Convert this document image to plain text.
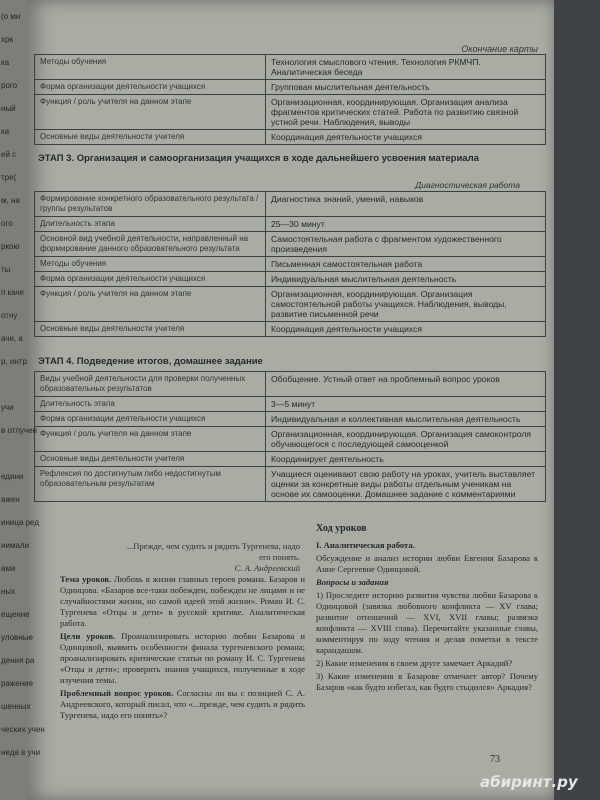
(о ми
хрк
ка
рого
ный
ка
ей с
тре(
м, на
ого
ркою
ты
п каче
отну
ачи, а
р, интр
учи
в отлучен
едини
ажен
иница ред
иимали
ами
ных
ещение
уловные
дения ра
ражение
шенных
ческих учен
неда в учи
Окончание карты
Методы обучения	Технология смыслового чтения. Технология РКМЧП. Аналитическая беседа
Форма организации деятельности учащихся	Групповая мыслительная деятельность
Функция / роль учителя на данном этапе	Организационная, координирующая. Организация анализа фрагментов критических статей. Работа по развитию связной устной речи. Наблюдения, выводы
Основные виды деятельности учителя	Координация деятельности учащихся
ЭТАП 3. Организация и самоорганизация учащихся в ходе дальнейшего усвоения материала
Диагностическая работа
Формирование конкретного образовательного результата / группы результатов	Диагностика знаний, умений, навыков
Длительность этапа	25—30 минут
Основной вид учебной деятельности, направленный на формирование данного образовательного результата	Самостоятельная работа с фрагментом художественного произведения
Методы обучения	Письменная самостоятельная работа
Форма организации деятельности учащихся	Индивидуальная мыслительная деятельность
Функция / роль учителя на данном этапе	Организационная, координирующая. Организация самостоятельной работы учащихся. Наблюдения, выводы, развитие письменной речи
Основные виды деятельности учителя	Координация деятельности учащихся
ЭТАП 4. Подведение итогов, домашнее задание
Виды учебной деятельности для проверки полученных образовательных результатов	Обобщение. Устный ответ на проблемный вопрос уроков
Длительность этапа	3—5 минут
Форма организации деятельности учащихся	Индивидуальная и коллективная мыслительная деятельность
Функция / роль учителя на данном этапе	Организационная, координирующая. Организация самоконтроля обучающегося с последующей самооценкой
Основные виды деятельности учителя	Координирует деятельность
Рефлексия по достигнутым либо недостигнутым образовательным результатам	Учащиеся оценивают свою работу на уроках, учитель выставляет оценки за конкретные виды работы отдельным ученикам на основе их самооценки. Домашнее задание с комментариями
...Прежде, чем судить и рядить Тургенева, надо его понять.
С. А. Андреевский

Тема уроков. Любовь в жизни главных героев романа. Базаров и Одинцова. «Базаров все-таки побежден, побежден не лицами и не случайностями жизни, но самой идеей этой жизни». Роман И. С. Тургенева «Отцы и дети» в русской критике. Аналитическая работа.

Цели уроков. Проанализировать историю любви Базарова и Одинцовой, выявить особенности финала тургеневского романа; проанализировать критические статьи по роману И. С. Тургенева «Отцы и дети»; проверить знания учащихся, полученные в ходе изучения темы.

Проблемный вопрос уроков. Согласны ли вы с позицией С. А. Андреевского, который писал, что «...прежде, чем судить и рядить Тургенева, надо его понять»?

Ход уроков

I. Аналитическая работа.

Обсуждение и анализ истории любви Евгения Базарова к Анне Сергеевне Одинцовой.

Вопросы и задания

1) Проследите историю развития чувства любви Базарова к Одинцовой (завязка любовного конфликта — XV глава; развитие отношений — XVI, XVII главы; развязка конфликта — XVIII глава). Перечитайте указанные главы, комментируя по ходу чтения и делая пометки в тексте карандашом.

2) Какие изменения в своем друге замечает Аркадий?

3) Какие изменения в Базарове отмечает автор? Почему Базаров «как будто избегал, как будто стыдился» Аркадия?

73
абиринт.ру
